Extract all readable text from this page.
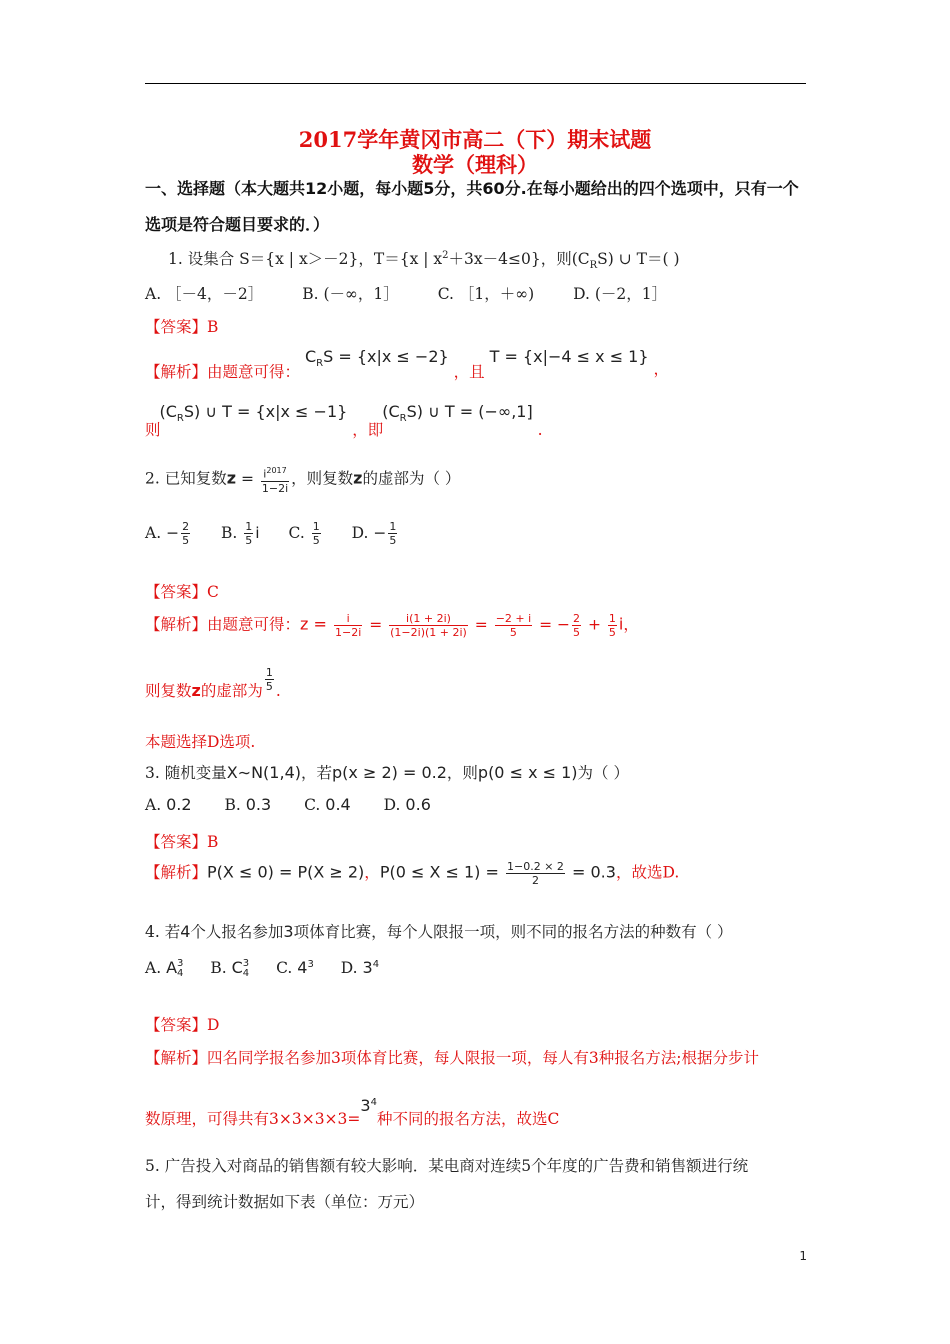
2017学年黄冈市高二（下）期末试题
数学（理科）
一、选择题（本大题共12小题，每小题5分，共60分.在每小题给出的四个选项中，只有一个
选项是符合题目要求的．）
1. 设集合 S＝{x | x＞－2}，T＝{x | $x^2+3x-4\le 0$}，则$(C_RS)$ ∪ T＝( )
A. ［－4，－2］	B. (－∞，1］	C. ［1，＋∞)	D. (－2，1］
【答案】B
【解析】由题意可得： $C_RS = \{x|x \le -2\}$ ，且 T = {x|−4 ≤ x ≤ 1} ，
则 $(C_RS)$ ∪ T = {x|x ≤ −1} ，即 $(C_RS)$ ∪ T = (−∞,1] .
2. 已知复数$z = \frac{i^{2017}}{1-2i}$ ，则复数z的虚部为（ ）
A. − $\frac{2}{5} B$. $\frac{1}{5}$ i C. $\frac{1}{5} D$. − $\frac{1}{5}$
【答案】C
【解析】由题意可得：$z = \frac{i}{1-2i} = \frac{i(1 + 2i)}{(1-2i)(1 + 2i)} = \frac{-2 + i}{5}$ = − $\frac{2}{5} + \frac{1}{5}$ i，
则复数z的虚部为 $\frac{1}{5}$ .
本题选择D选项.
3. 随机变量X∼N(1,4)，若p(x ≥ 2) = 0.2，则p(0 ≤ x ≤ 1)为（ ）
A. 0.2 B. 0.3 C. 0.4 D. 0.6
【答案】B
【解析】P(X ≤ 0) = P(X ≥ 2)，$P(0 \le X \le 1) = \frac{1-0.2 \times 2}{2} = 0.3$，故选D.
4. 若4个人报名参加3项体育比赛，每个人限报一项，则不同的报名方法的种数有（ ）
A. A 3
4 B. C 3
4 C. $4^3$ D. $3^4$
【答案】D
【解析】四名同学报名参加3项体育比赛，每人限报一项，每人有3种报名方法;根据分步计
数原理，可得共有$3\times 3\times 3\times 3=3^4$种不同的报名方法，故选C
5. 广告投入对商品的销售额有较大影响．某电商对连续5个年度的广告费和销售额进行统
计，得到统计数据如下表（单位：万元）
1
